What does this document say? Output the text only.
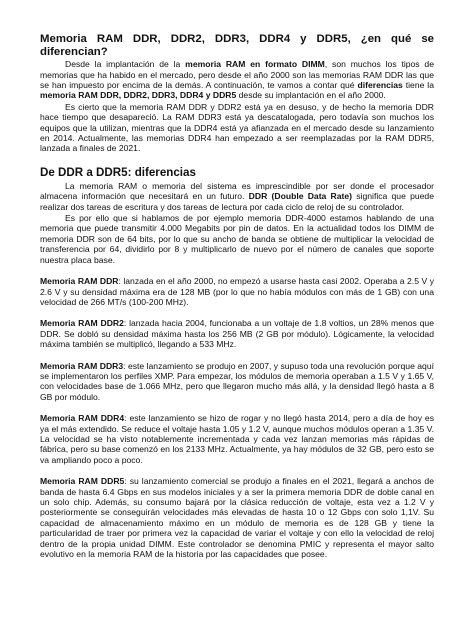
Memoria RAM DDR, DDR2, DDR3, DDR4 y DDR5, ¿en qué se diferencian?

Desde la implantación de la memoria RAM en formato DIMM, son muchos los tipos de memorias que ha habido en el mercado, pero desde el año 2000 son las memorias RAM DDR las que se han impuesto por encima de la demás. A continuación, te vamos a contar qué diferencias tiene la memoria RAM DDR, DDR2, DDR3, DDR4 y DDR5 desde su implantación en el año 2000.

Es cierto que la memoria RAM DDR y DDR2 está ya en desuso, y de hecho la memoria DDR hace tiempo que desapareció. La RAM DDR3 está ya descatalogada, pero todavía son muchos los equipos que la utilizan, mientras que la DDR4 está ya afianzada en el mercado desde su lanzamiento en 2014. Actualmente, las memorias DDR4 han empezado a ser reemplazadas por la RAM DDR5, lanzada a finales de 2021.

De DDR a DDR5: diferencias

La memoria RAM o memoria del sistema es imprescindible por ser donde el procesador almacena información que necesitará en un futuro. DDR (Double Data Rate) significa que puede realizar dos tareas de escritura y dos tareas de lectura por cada ciclo de reloj de su controlador.

Es por ello que si hablamos de por ejemplo memoria DDR-4000 estamos hablando de una memoria que puede transmitir 4.000 Megabits por pin de datos. En la actualidad todos los DIMM de memoria DDR son de 64 bits, por lo que su ancho de banda se obtiene de multiplicar la velocidad de transferencia por 64, dividirlo por 8 y multiplicarlo de nuevo por el número de canales que soporte nuestra placa base.

Memoria RAM DDR: lanzada en el año 2000, no empezó a usarse hasta casi 2002. Operaba a 2.5 V y 2.6 V y su densidad máxima era de 128 MB (por lo que no había módulos con más de 1 GB) con una velocidad de 266 MT/s (100-200 MHz).

Memoria RAM DDR2: lanzada hacia 2004, funcionaba a un voltaje de 1.8 voltios, un 28% menos que DDR. Se dobló su densidad máxima hasta los 256 MB (2 GB por módulo). Lógicamente, la velocidad máxima también se multiplicó, llegando a 533 MHz.

Memoria RAM DDR3: este lanzamiento se produjo en 2007, y supuso toda una revolución porque aquí se implementaron los perfiles XMP. Para empezar, los módulos de memoria operaban a 1.5 V y 1.65 V, con velocidades base de 1.066 MHz, pero que llegaron mucho más allá, y la densidad llegó hasta a 8 GB por módulo.

Memoria RAM DDR4: este lanzamiento se hizo de rogar y no llegó hasta 2014, pero a día de hoy es ya el más extendido. Se reduce el voltaje hasta 1.05 y 1.2 V, aunque muchos módulos operan a 1.35 V. La velocidad se ha visto notablemente incrementada y cada vez lanzan memorias más rápidas de fábrica, pero su base comenzó en los 2133 MHz. Actualmente, ya hay módulos de 32 GB, pero esto se va ampliando poco a poco.

Memoria RAM DDR5: su lanzamiento comercial se produjo a finales en el 2021, llegará a anchos de banda de hasta 6.4 Gbps en sus modelos iniciales y a ser la primera memoria DDR de doble canal en un solo chip. Además, su consumo bajará por la clásica reducción de voltaje, esta vez a 1.2 V y posteriormente se conseguirán velocidades más elevadas de hasta 10 o 12 Gbps con solo 1,1V. Su capacidad de almacenamiento máximo en un módulo de memoria es de 128 GB y tiene la particularidad de traer por primera vez la capacidad de variar el voltaje y con ello la velocidad de reloj dentro de la propia unidad DIMM. Este controlador se denomina PMIC y representa el mayor salto evolutivo en la memoria RAM de la historia por las capacidades que posee.
